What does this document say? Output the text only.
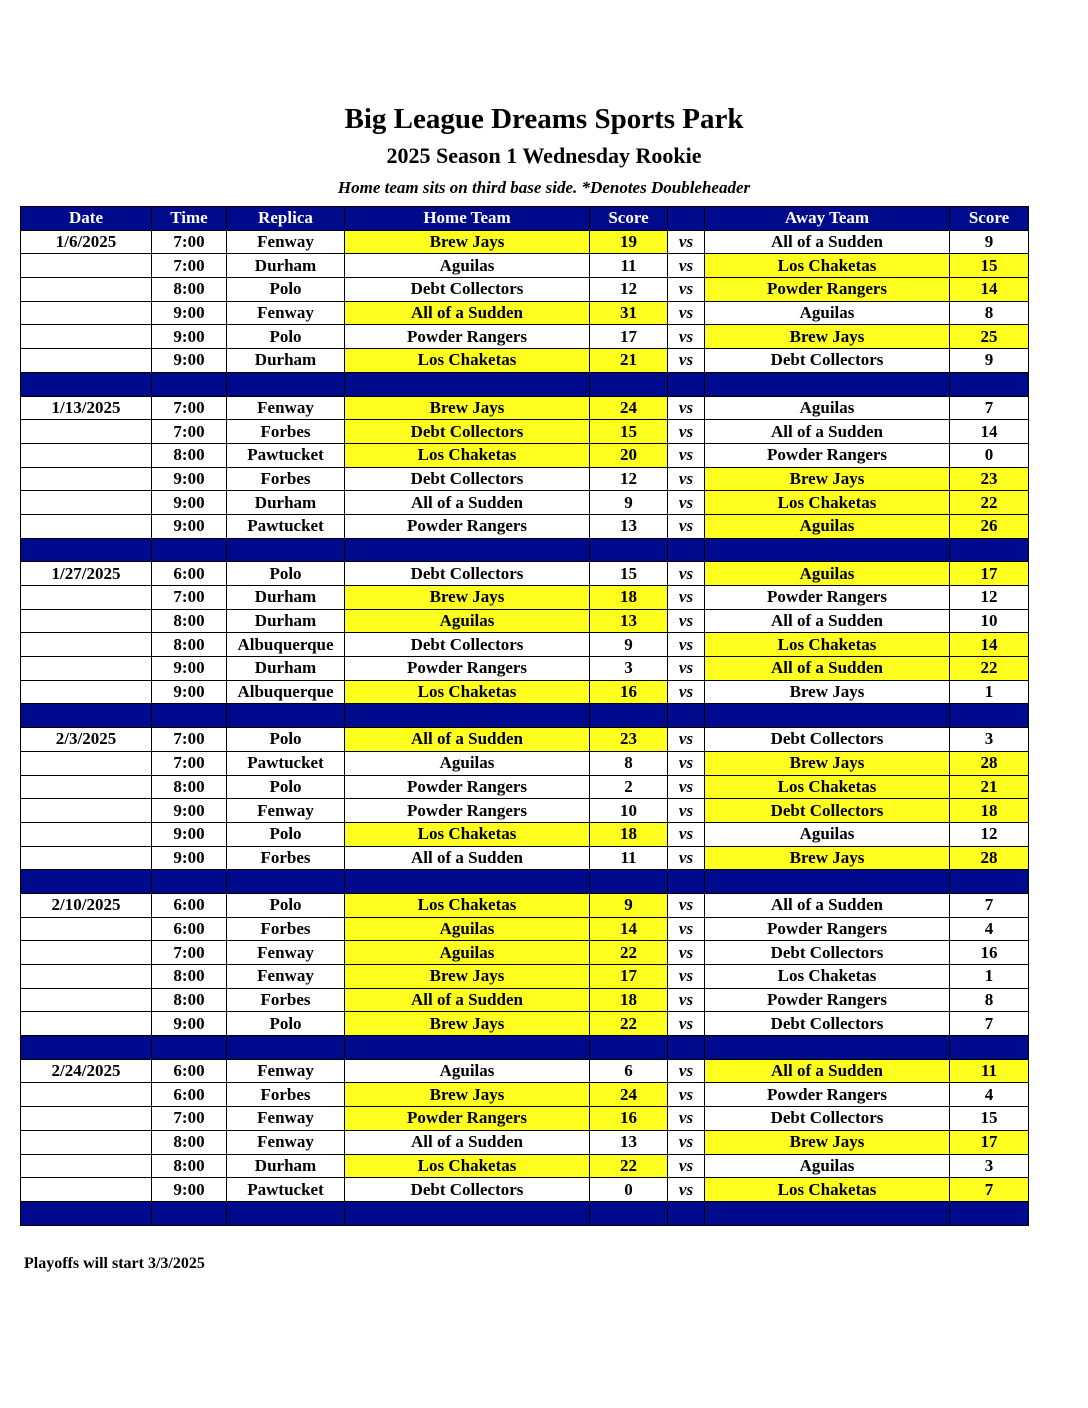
Big League Dreams Sports Park
2025 Season 1 Wednesday Rookie
Home team sits on third base side. *Denotes Doubleheader
Date	Time	Replica	Home Team	Score		Away Team	Score
1/6/2025	7:00	Fenway	Brew Jays	19	vs	All of a Sudden	9
	7:00	Durham	Aguilas	11	vs	Los Chaketas	15
	8:00	Polo	Debt Collectors	12	vs	Powder Rangers	14
	9:00	Fenway	All of a Sudden	31	vs	Aguilas	8
	9:00	Polo	Powder Rangers	17	vs	Brew Jays	25
	9:00	Durham	Los Chaketas	21	vs	Debt Collectors	9

1/13/2025	7:00	Fenway	Brew Jays	24	vs	Aguilas	7
	7:00	Forbes	Debt Collectors	15	vs	All of a Sudden	14
	8:00	Pawtucket	Los Chaketas	20	vs	Powder Rangers	0
	9:00	Forbes	Debt Collectors	12	vs	Brew Jays	23
	9:00	Durham	All of a Sudden	9	vs	Los Chaketas	22
	9:00	Pawtucket	Powder Rangers	13	vs	Aguilas	26

1/27/2025	6:00	Polo	Debt Collectors	15	vs	Aguilas	17
	7:00	Durham	Brew Jays	18	vs	Powder Rangers	12
	8:00	Durham	Aguilas	13	vs	All of a Sudden	10
	8:00	Albuquerque	Debt Collectors	9	vs	Los Chaketas	14
	9:00	Durham	Powder Rangers	3	vs	All of a Sudden	22
	9:00	Albuquerque	Los Chaketas	16	vs	Brew Jays	1

2/3/2025	7:00	Polo	All of a Sudden	23	vs	Debt Collectors	3
	7:00	Pawtucket	Aguilas	8	vs	Brew Jays	28
	8:00	Polo	Powder Rangers	2	vs	Los Chaketas	21
	9:00	Fenway	Powder Rangers	10	vs	Debt Collectors	18
	9:00	Polo	Los Chaketas	18	vs	Aguilas	12
	9:00	Forbes	All of a Sudden	11	vs	Brew Jays	28

2/10/2025	6:00	Polo	Los Chaketas	9	vs	All of a Sudden	7
	6:00	Forbes	Aguilas	14	vs	Powder Rangers	4
	7:00	Fenway	Aguilas	22	vs	Debt Collectors	16
	8:00	Fenway	Brew Jays	17	vs	Los Chaketas	1
	8:00	Forbes	All of a Sudden	18	vs	Powder Rangers	8
	9:00	Polo	Brew Jays	22	vs	Debt Collectors	7

2/24/2025	6:00	Fenway	Aguilas	6	vs	All of a Sudden	11
	6:00	Forbes	Brew Jays	24	vs	Powder Rangers	4
	7:00	Fenway	Powder Rangers	16	vs	Debt Collectors	15
	8:00	Fenway	All of a Sudden	13	vs	Brew Jays	17
	8:00	Durham	Los Chaketas	22	vs	Aguilas	3
	9:00	Pawtucket	Debt Collectors	0	vs	Los Chaketas	7

Playoffs will start 3/3/2025
